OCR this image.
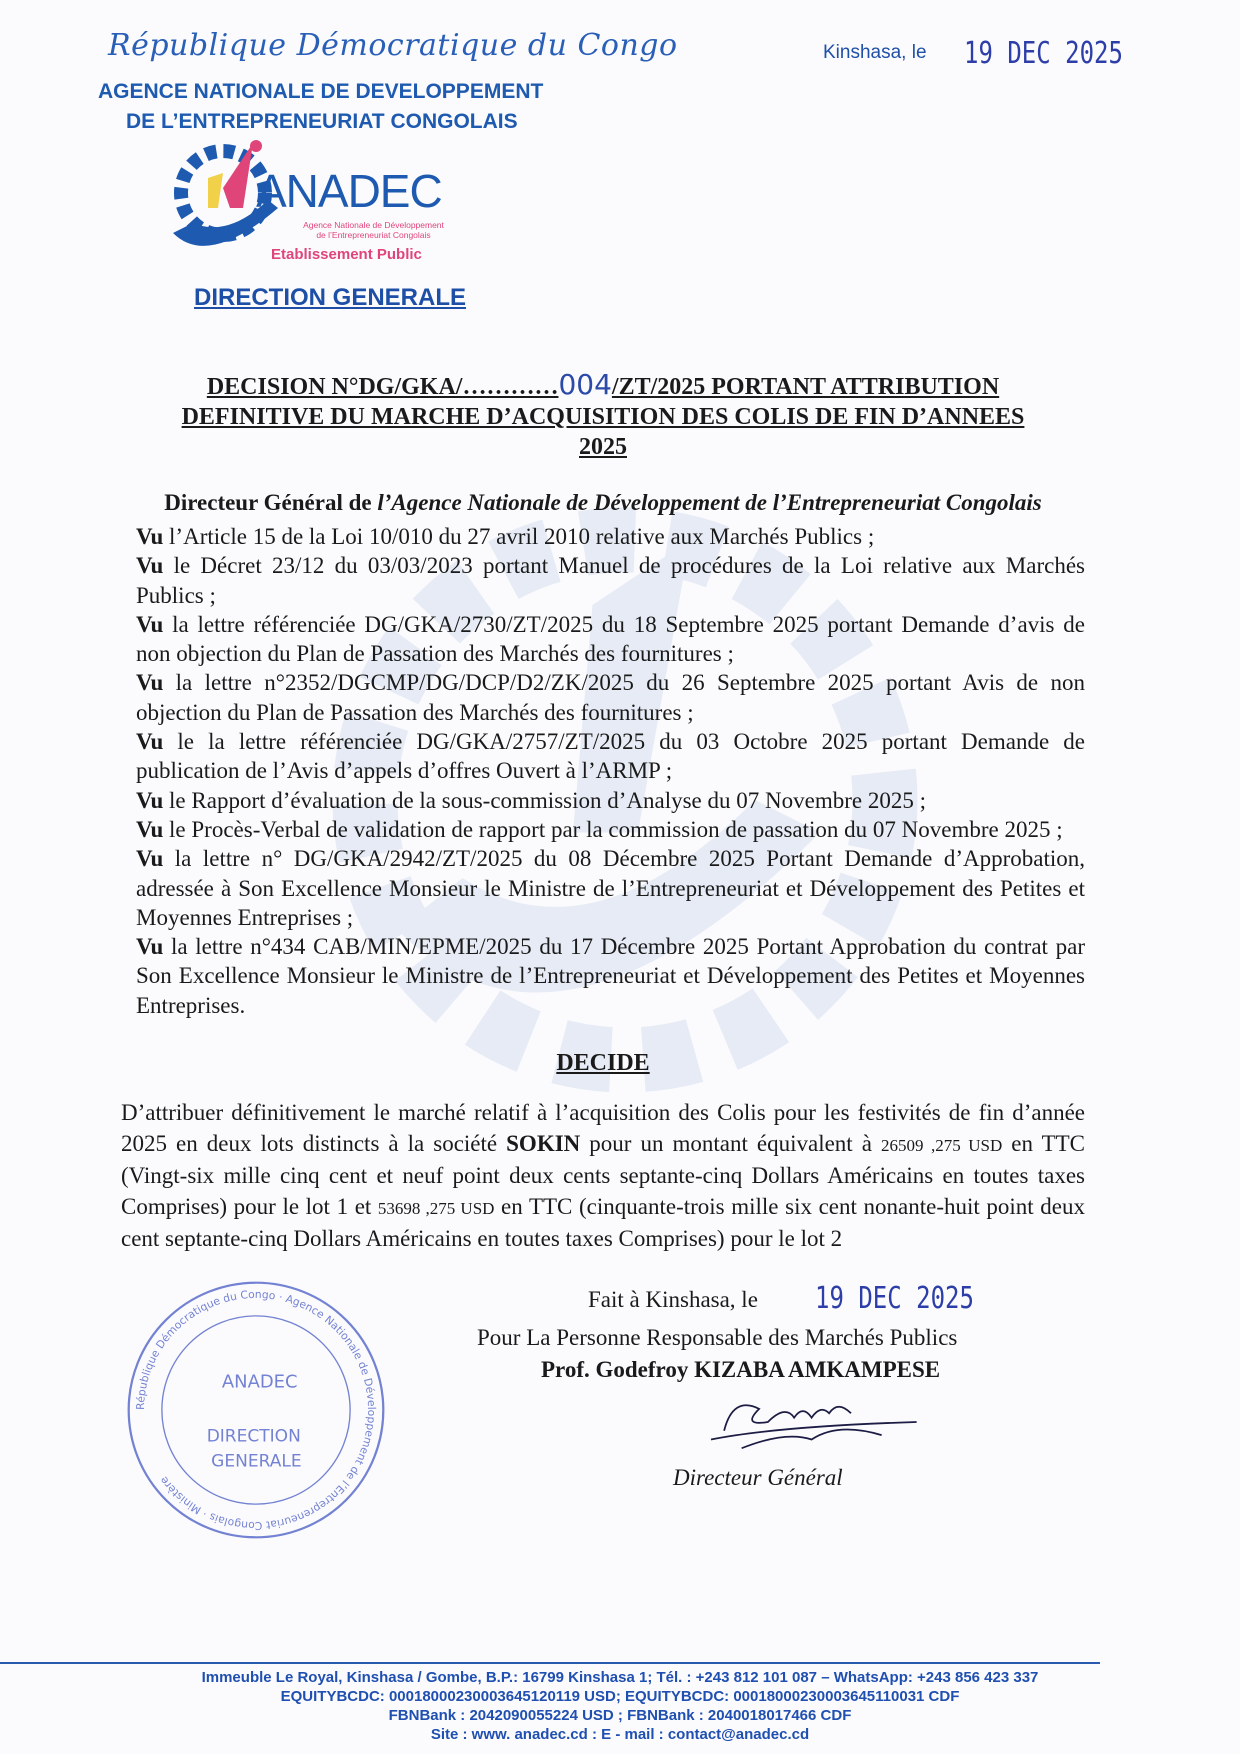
République Démocratique du Congo	Kinshasa, le 19 DEC 2025
AGENCE NATIONALE DE DEVELOPPEMENT
DE L’ENTREPRENEURIAT CONGOLAIS
ANADEC
Agence Nationale de Développement
de l’Entrepreneuriat Congolais
Etablissement Public
DIRECTION GENERALE
DECISION N°DG/GKA/…………004/ZT/2025 PORTANT ATTRIBUTION
DEFINITIVE DU MARCHE D’ACQUISITION DES COLIS DE FIN D’ANNEES
2025
Directeur Général de l’Agence Nationale de Développement de l’Entrepreneuriat Congolais

Vu l’Article 15 de la Loi 10/010 du 27 avril 2010 relative aux Marchés Publics ;

Vu le Décret 23/12 du 03/03/2023 portant Manuel de procédures de la Loi relative aux Marchés Publics ;

Vu la lettre référenciée DG/GKA/2730/ZT/2025 du 18 Septembre 2025 portant Demande d’avis de non objection du Plan de Passation des Marchés des fournitures ;

Vu la lettre n°2352/DGCMP/DG/DCP/D2/ZK/2025 du 26 Septembre 2025 portant Avis de non objection du Plan de Passation des Marchés des fournitures ;

Vu le la lettre référenciée DG/GKA/2757/ZT/2025 du 03 Octobre 2025 portant Demande de publication de l’Avis d’appels d’offres Ouvert à l’ARMP ;

Vu le Rapport d’évaluation de la sous-commission d’Analyse du 07 Novembre 2025 ;

Vu le Procès-Verbal de validation de rapport par la commission de passation du 07 Novembre 2025 ;

Vu la lettre n° DG/GKA/2942/ZT/2025 du 08 Décembre 2025 Portant Demande d’Approbation, adressée à Son Excellence Monsieur le Ministre de l’Entrepreneuriat et Développement des Petites et Moyennes Entreprises ;

Vu la lettre n°434 CAB/MIN/EPME/2025 du 17 Décembre 2025 Portant Approbation du contrat par Son Excellence Monsieur le Ministre de l’Entrepreneuriat et Développement des Petites et Moyennes Entreprises.

DECIDE
D’attribuer définitivement le marché relatif à l’acquisition des Colis pour les festivités de fin d’année 2025 en deux lots distincts à la société SOKIN pour un montant équivalent à 26509 ,275 USD en TTC (Vingt-six mille cinq cent et neuf point deux cents septante-cinq Dollars Américains en toutes taxes Comprises) pour le lot 1 et 53698 ,275 USD en TTC (cinquante-trois mille six cent nonante-huit point deux cent septante-cinq Dollars Américains en toutes taxes Comprises) pour le lot 2
République Démocratique du Congo · Agence Nationale de Développement de l’Entrepreneuriat Congolais · Ministère
ANADEC
DIRECTION
GENERALE
Fait à Kinshasa, le 19 DEC 2025
Pour La Personne Responsable des Marchés Publics
Prof. Godefroy KIZABA AMKAMPESE
Directeur Général
Immeuble Le Royal, Kinshasa / Gombe, B.P.: 16799 Kinshasa 1; Tél. : +243 812 101 087 – WhatsApp: +243 856 423 337
EQUITYBCDC: 00018000230003645120119 USD; EQUITYBCDC: 00018000230003645110031 CDF
FBNBank : 2042090055224 USD ; FBNBank : 2040018017466 CDF
Site : www. anadec.cd : E - mail : contact@anadec.cd
